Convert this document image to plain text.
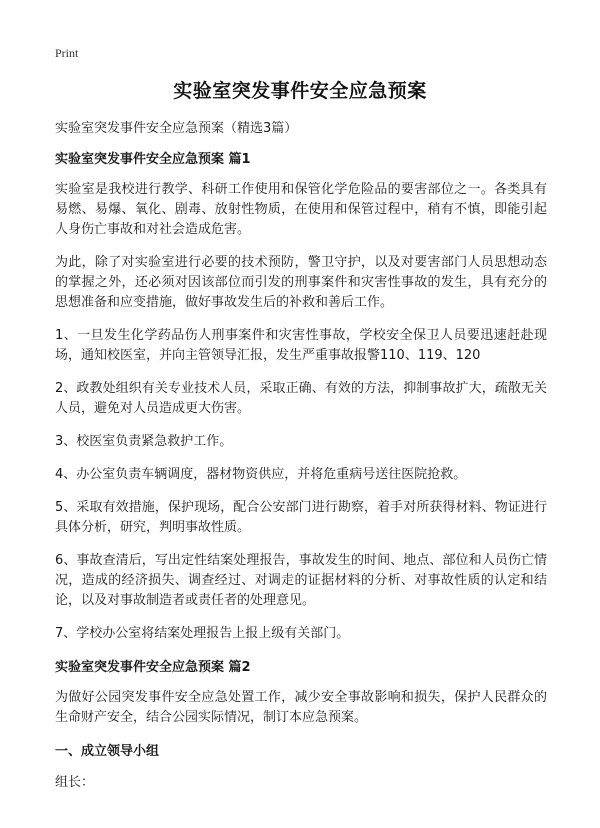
Print
实验室突发事件安全应急预案
实验室突发事件安全应急预案（精选3篇）
实验室突发事件安全应急预案 篇1

实验室是我校进行教学、科研工作使用和保管化学危险品的要害部位之一。各类具有易燃、易爆、氧化、剧毒、放射性物质，在使用和保管过程中，稍有不慎，即能引起人身伤亡事故和对社会造成危害。

为此，除了对实验室进行必要的技术预防，警卫守护，以及对要害部门人员思想动态的掌握之外，还必须对因该部位而引发的刑事案件和灾害性事故的发生，具有充分的思想准备和应变措施，做好事故发生后的补救和善后工作。

1、一旦发生化学药品伤人刑事案件和灾害性事故，学校安全保卫人员要迅速赶赴现场，通知校医室，并向主管领导汇报，发生严重事故报警110、119、120

2、政教处组织有关专业技术人员，采取正确、有效的方法，抑制事故扩大，疏散无关人员，避免对人员造成更大伤害。

3、校医室负责紧急救护工作。

4、办公室负责车辆调度，器材物资供应，并将危重病号送往医院抢救。

5、采取有效措施，保护现场，配合公安部门进行勘察，着手对所获得材料、物证进行具体分析，研究，判明事故性质。

6、事故查清后，写出定性结案处理报告，事故发生的时间、地点、部位和人员伤亡情况，造成的经济损失、调查经过、对调走的证据材料的分析、对事故性质的认定和结论，以及对事故制造者或责任者的处理意见。

7、学校办公室将结案处理报告上报上级有关部门。

实验室突发事件安全应急预案 篇2

为做好公园突发事件安全应急处置工作，减少安全事故影响和损失，保护人民群众的生命财产安全，结合公园实际情况，制订本应急预案。

一、成立领导小组
组长：
